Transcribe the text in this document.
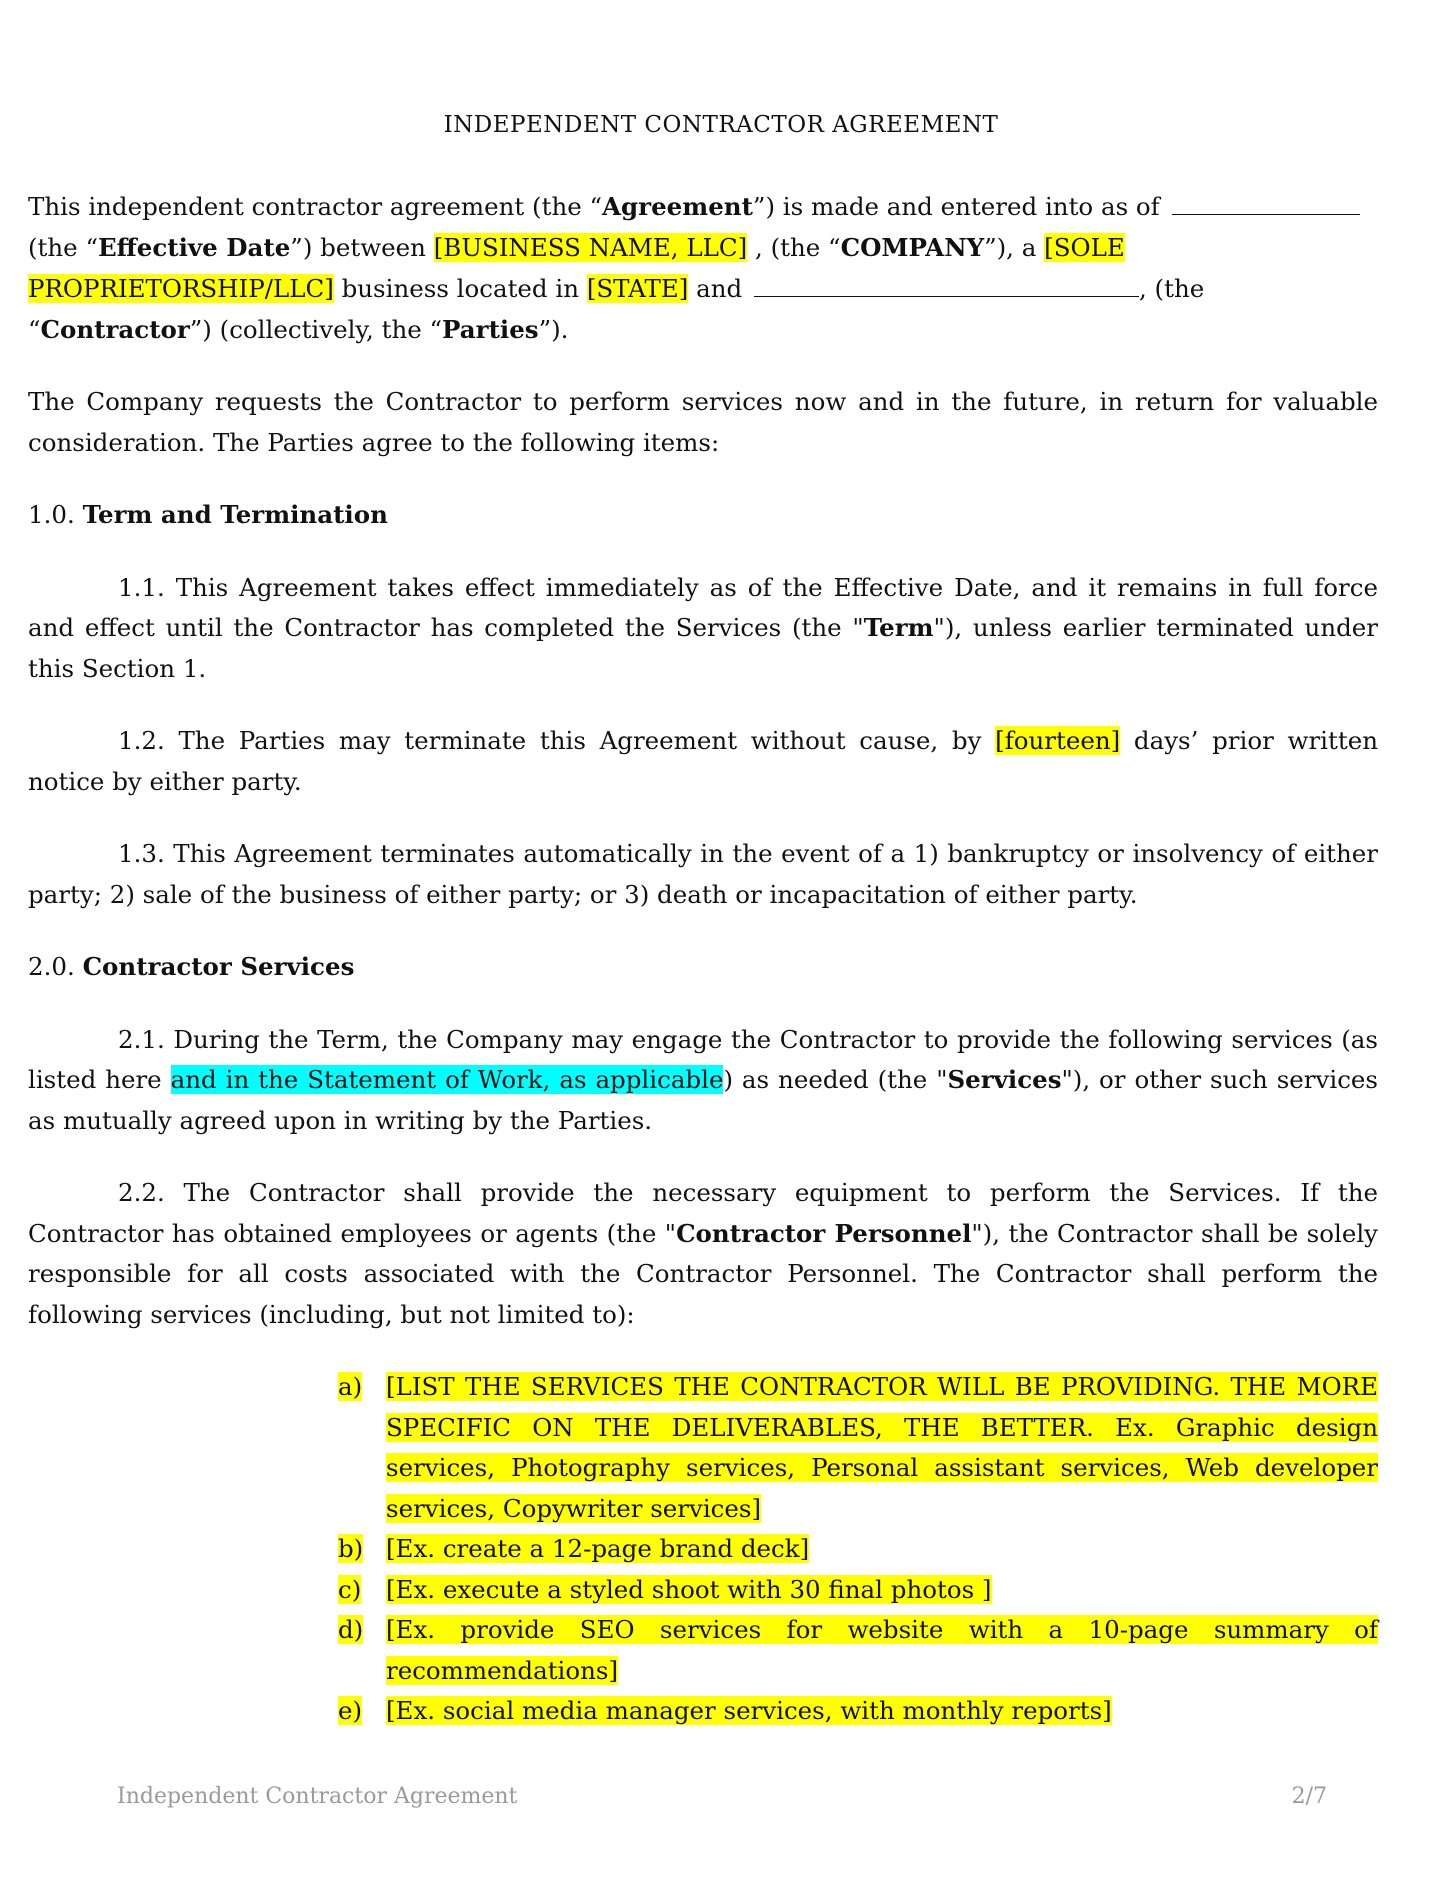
INDEPENDENT CONTRACTOR AGREEMENT

This independent contractor agreement (the “Agreement”) is made and entered into as of
(the “Effective Date”) between [BUSINESS NAME, LLC] , (the “COMPANY”), a [SOLE PROPRIETORSHIP/LLC] business located in [STATE] and	, (the
“Contractor”) (collectively, the “Parties”).

The Company requests the Contractor to perform services now and in the future, in return for valuable consideration. The Parties agree to the following items:

1.0. Term and Termination

1.1. This Agreement takes effect immediately as of the Effective Date, and it remains in full force and effect until the Contractor has completed the Services (the "Term"), unless earlier terminated under this Section 1.

1.2. The Parties may terminate this Agreement without cause, by [fourteen] days’ prior written notice by either party.

1.3. This Agreement terminates automatically in the event of a 1) bankruptcy or insolvency of either party; 2) sale of the business of either party; or 3) death or incapacitation of either party.

2.0. Contractor Services

2.1. During the Term, the Company may engage the Contractor to provide the following services (as listed here and in the Statement of Work, as applicable) as needed (the "Services"), or other such services as mutually agreed upon in writing by the Parties.

2.2. The Contractor shall provide the necessary equipment to perform the Services. If the Contractor has obtained employees or agents (the "Contractor Personnel"), the Contractor shall be solely responsible for all costs associated with the Contractor Personnel. The Contractor shall perform the following services (including, but not limited to):

a) [LIST THE SERVICES THE CONTRACTOR WILL BE PROVIDING. THE MORE SPECIFIC ON THE DELIVERABLES, THE BETTER. Ex. Graphic design services, Photography services, Personal assistant services, Web developer services, Copywriter services]
b) [Ex. create a 12-page brand deck]
c)	[Ex. execute a styled shoot with 30 final photos ]
d) [Ex. provide SEO services for website with a 10-page summary of recommendations]
e) [Ex. social media manager services, with monthly reports]
Independent Contractor Agreement	2/7
